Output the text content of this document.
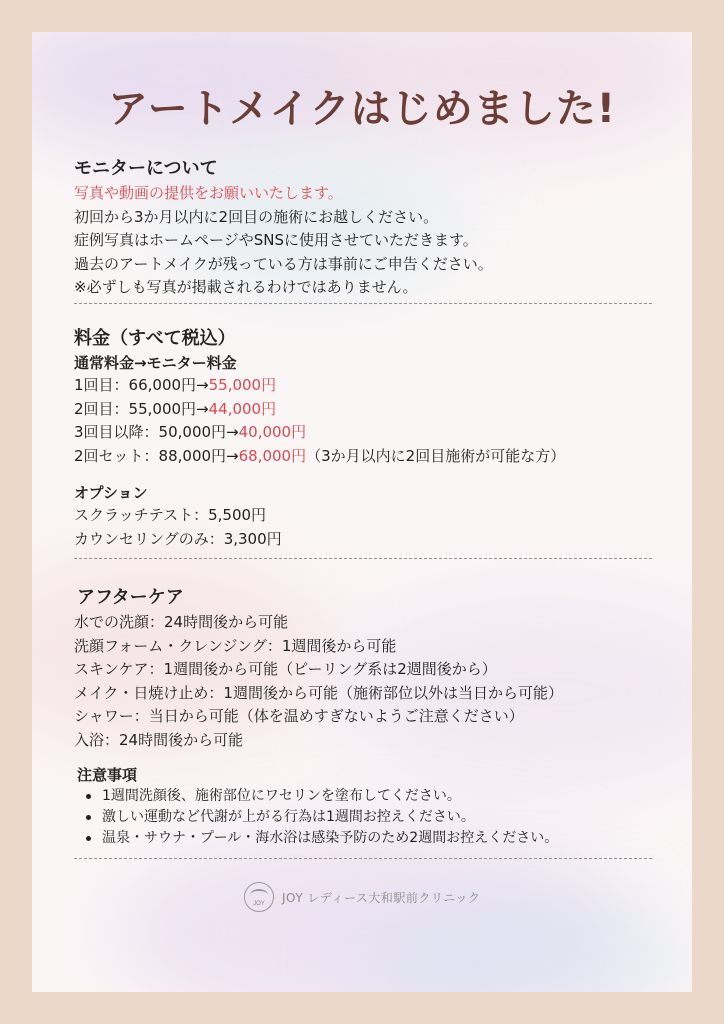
アートメイクはじめました!
モニターについて
写真や動画の提供をお願いいたします。
初回から3か月以内に2回目の施術にお越しください。
症例写真はホームページやSNSに使用させていただきます。
過去のアートメイクが残っている方は事前にご申告ください。
※必ずしも写真が掲載されるわけではありません。
料金（すべて税込）
通常料金→モニター料金
1回目：66,000円→55,000円
2回目：55,000円→44,000円
3回目以降：50,000円→40,000円
2回セット：88,000円→68,000円（3か月以内に2回目施術が可能な方）
オプション
スクラッチテスト：5,500円
カウンセリングのみ：3,300円
アフターケア
水での洗顔：24時間後から可能
洗顔フォーム・クレンジング：1週間後から可能
スキンケア：1週間後から可能（ピーリング系は2週間後から）
メイク・日焼け止め：1週間後から可能（施術部位以外は当日から可能）
シャワー：当日から可能（体を温めすぎないようご注意ください）
入浴：24時間後から可能
注意事項
1週間洗顔後、施術部位にワセリンを塗布してください。
激しい運動など代謝が上がる行為は1週間お控えください。
温泉・サウナ・プール・海水浴は感染予防のため2週間お控えください。
JOY	JOY レディース大和駅前クリニック
